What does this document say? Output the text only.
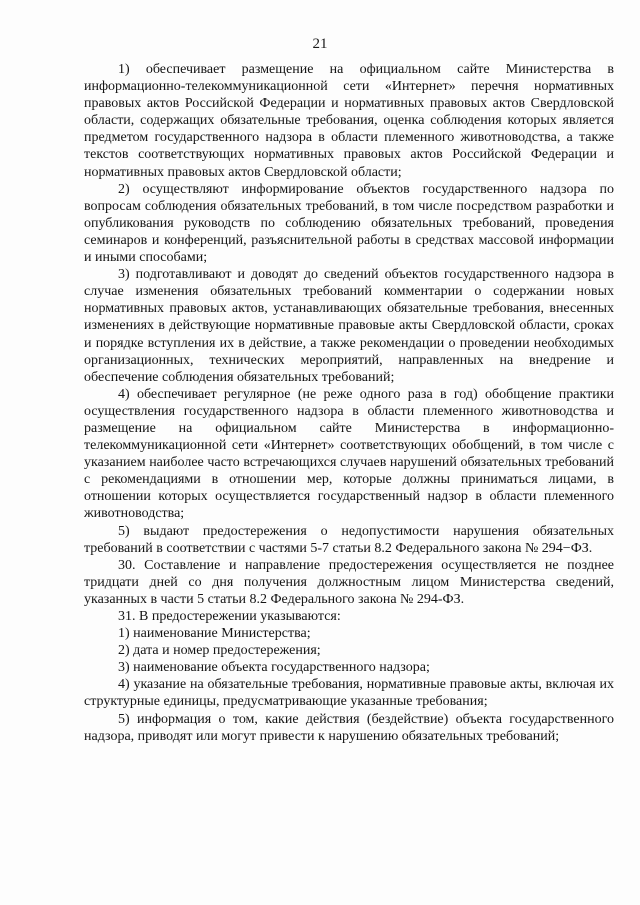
21

1) обеспечивает размещение на официальном сайте Министерства в информационно-телекоммуникационной сети «Интернет» перечня нормативных правовых актов Российской Федерации и нормативных правовых актов Свердловской области, содержащих обязательные требования, оценка соблюдения которых является предметом государственного надзора в области племенного животноводства, а также текстов соответствующих нормативных правовых актов Российской Федерации и нормативных правовых актов Свердловской области;

2) осуществляют информирование объектов государственного надзора по вопросам соблюдения обязательных требований, в том числе посредством разработки и опубликования руководств по соблюдению обязательных требований, проведения семинаров и конференций, разъяснительной работы в средствах массовой информации и иными способами;

3) подготавливают и доводят до сведений объектов государственного надзора в случае изменения обязательных требований комментарии о содержании новых нормативных правовых актов, устанавливающих обязательные требования, внесенных изменениях в действующие нормативные правовые акты Свердловской области, сроках и порядке вступления их в действие, а также рекомендации о проведении необходимых организационных, технических мероприятий, направленных на внедрение и обеспечение соблюдения обязательных требований;

4) обеспечивает регулярное (не реже одного раза в год) обобщение практики осуществления государственного надзора в области племенного животноводства и размещение на официальном сайте Министерства в информационно-телекоммуникационной сети «Интернет» соответствующих обобщений, в том числе с указанием наиболее часто встречающихся случаев нарушений обязательных требований с рекомендациями в отношении мер, которые должны приниматься лицами, в отношении которых осуществляется государственный надзор в области племенного животноводства;

5) выдают предостережения о недопустимости нарушения обязательных требований в соответствии с частями 5-7 статьи 8.2 Федерального закона № 294−ФЗ.

30. Составление и направление предостережения осуществляется не позднее тридцати дней со дня получения должностным лицом Министерства сведений, указанных в части 5 статьи 8.2 Федерального закона № 294-ФЗ.

31. В предостережении указываются:

1) наименование Министерства;

2) дата и номер предостережения;

3) наименование объекта государственного надзора;

4) указание на обязательные требования, нормативные правовые акты, включая их структурные единицы, предусматривающие указанные требования;

5) информация о том, какие действия (бездействие) объекта государственного надзора, приводят или могут привести к нарушению обязательных требований;
